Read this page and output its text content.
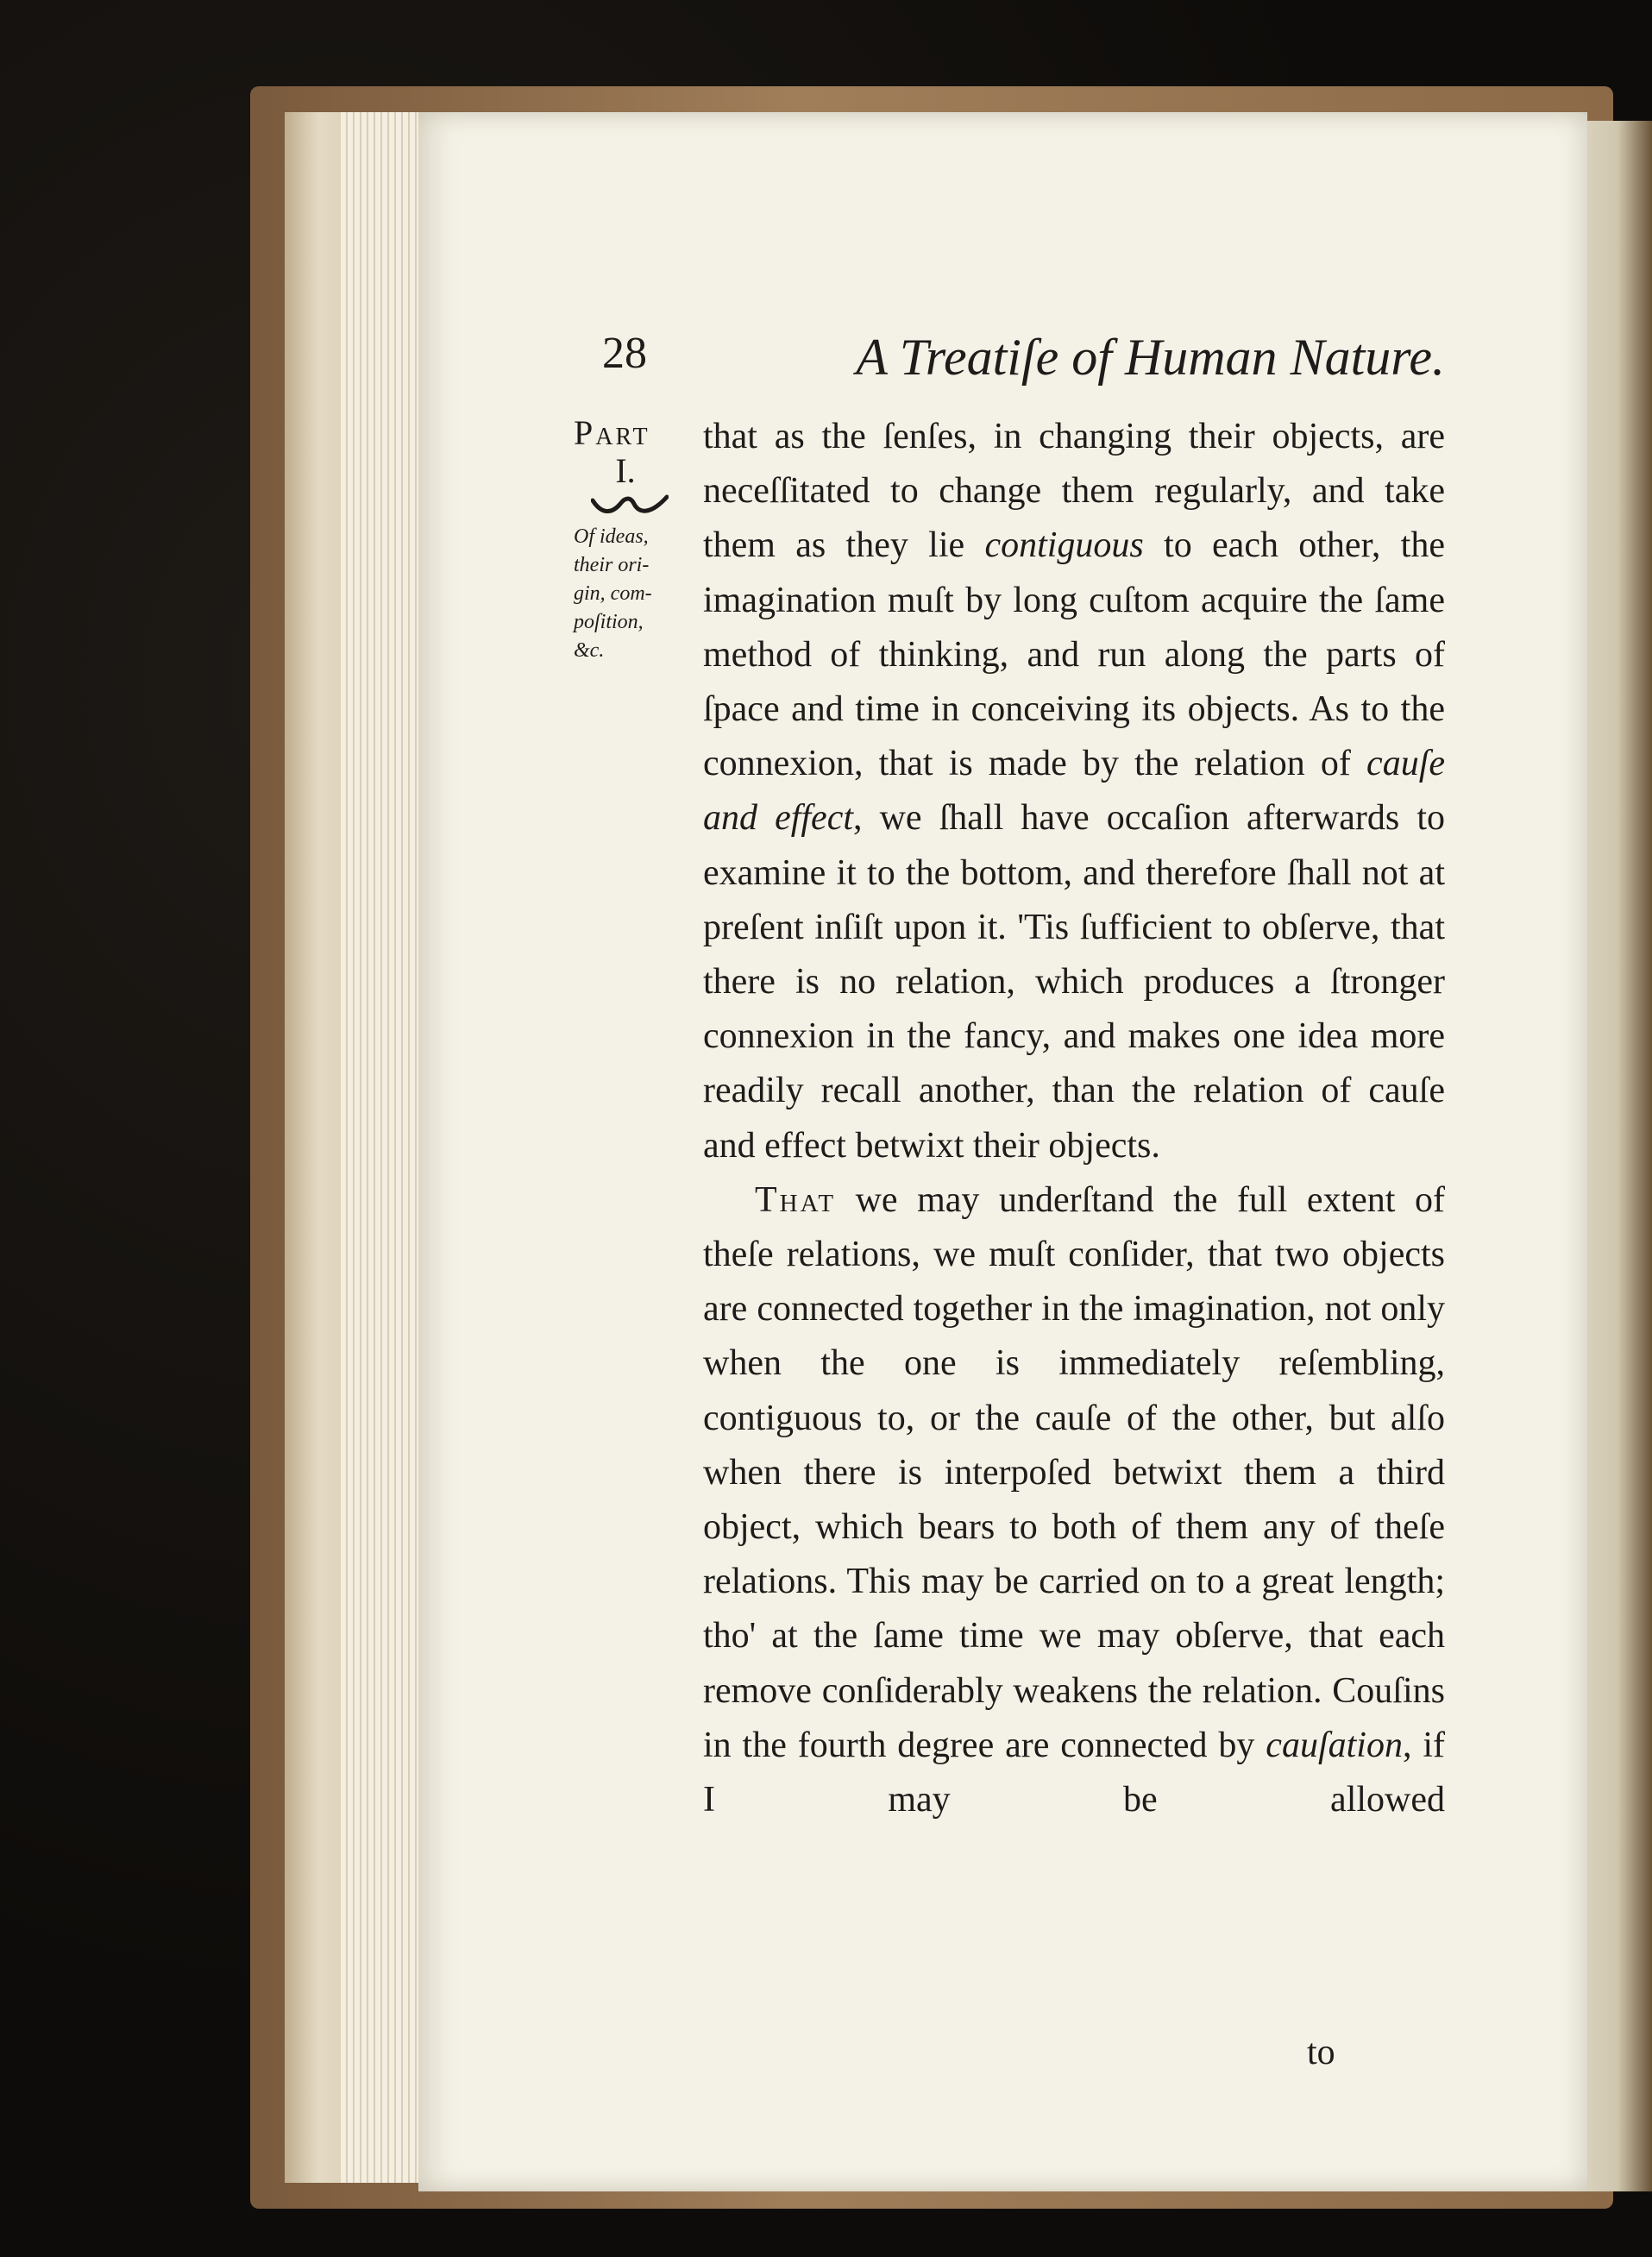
28	A Treatiſe of Human Nature.
Part
I.
Of ideas,
their ori-
gin, com-
poſition,
&c.

that as the ſenſes, in changing their objects, are neceſſitated to change them regularly, and take them as they lie contiguous to each other, the imagination muſt by long cuſtom acquire the ſame method of thinking, and run along the parts of ſpace and time in conceiving its objects. As to the connexion, that is made by the relation of cauſe and effect, we ſhall have occaſion afterwards to examine it to the bottom, and therefore ſhall not at preſent inſiſt upon it. 'Tis ſufficient to obſerve, that there is no relation, which produces a ſtronger connexion in the fancy, and makes one idea more readily recall another, than the relation of cauſe and effect betwixt their objects.

That we may underſtand the full extent of theſe relations, we muſt conſider, that two objects are connected together in the imagination, not only when the one is immediately reſembling, contiguous to, or the cauſe of the other, but alſo when there is interpoſed betwixt them a third object, which bears to both of them any of theſe relations. This may be carried on to a great length; tho' at the ſame time we may obſerve, that each remove conſiderably weakens the relation. Couſins in the fourth degree are connected by cauſation, if I may be allowed

to
